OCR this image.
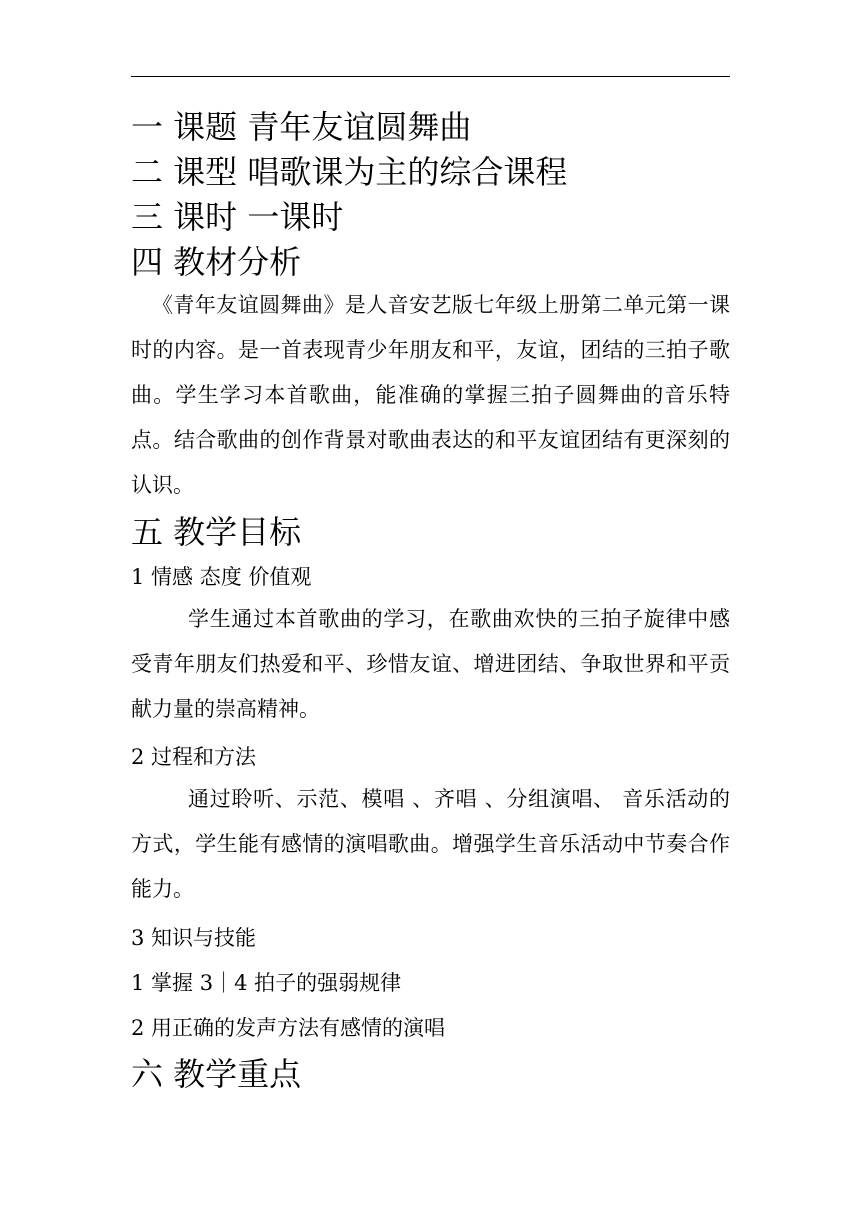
一 课题 青年友谊圆舞曲
二 课型 唱歌课为主的综合课程
三 课时 一课时
四 教材分析

《青年友谊圆舞曲》是人音安艺版七年级上册第二单元第一课时的内容。是一首表现青少年朋友和平，友谊，团结的三拍子歌曲。学生学习本首歌曲，能准确的掌握三拍子圆舞曲的音乐特点。结合歌曲的创作背景对歌曲表达的和平友谊团结有更深刻的认识。

五 教学目标
1 情感 态度 价值观

学生通过本首歌曲的学习，在歌曲欢快的三拍子旋律中感受青年朋友们热爱和平、珍惜友谊、增进团结、争取世界和平贡献力量的崇高精神。

2 过程和方法

通过聆听、示范、模唱 、齐唱 、分组演唱、 音乐活动的方式，学生能有感情的演唱歌曲。增强学生音乐活动中节奏合作能力。

3 知识与技能
1 掌握 3｜4 拍子的强弱规律
2 用正确的发声方法有感情的演唱
六 教学重点
